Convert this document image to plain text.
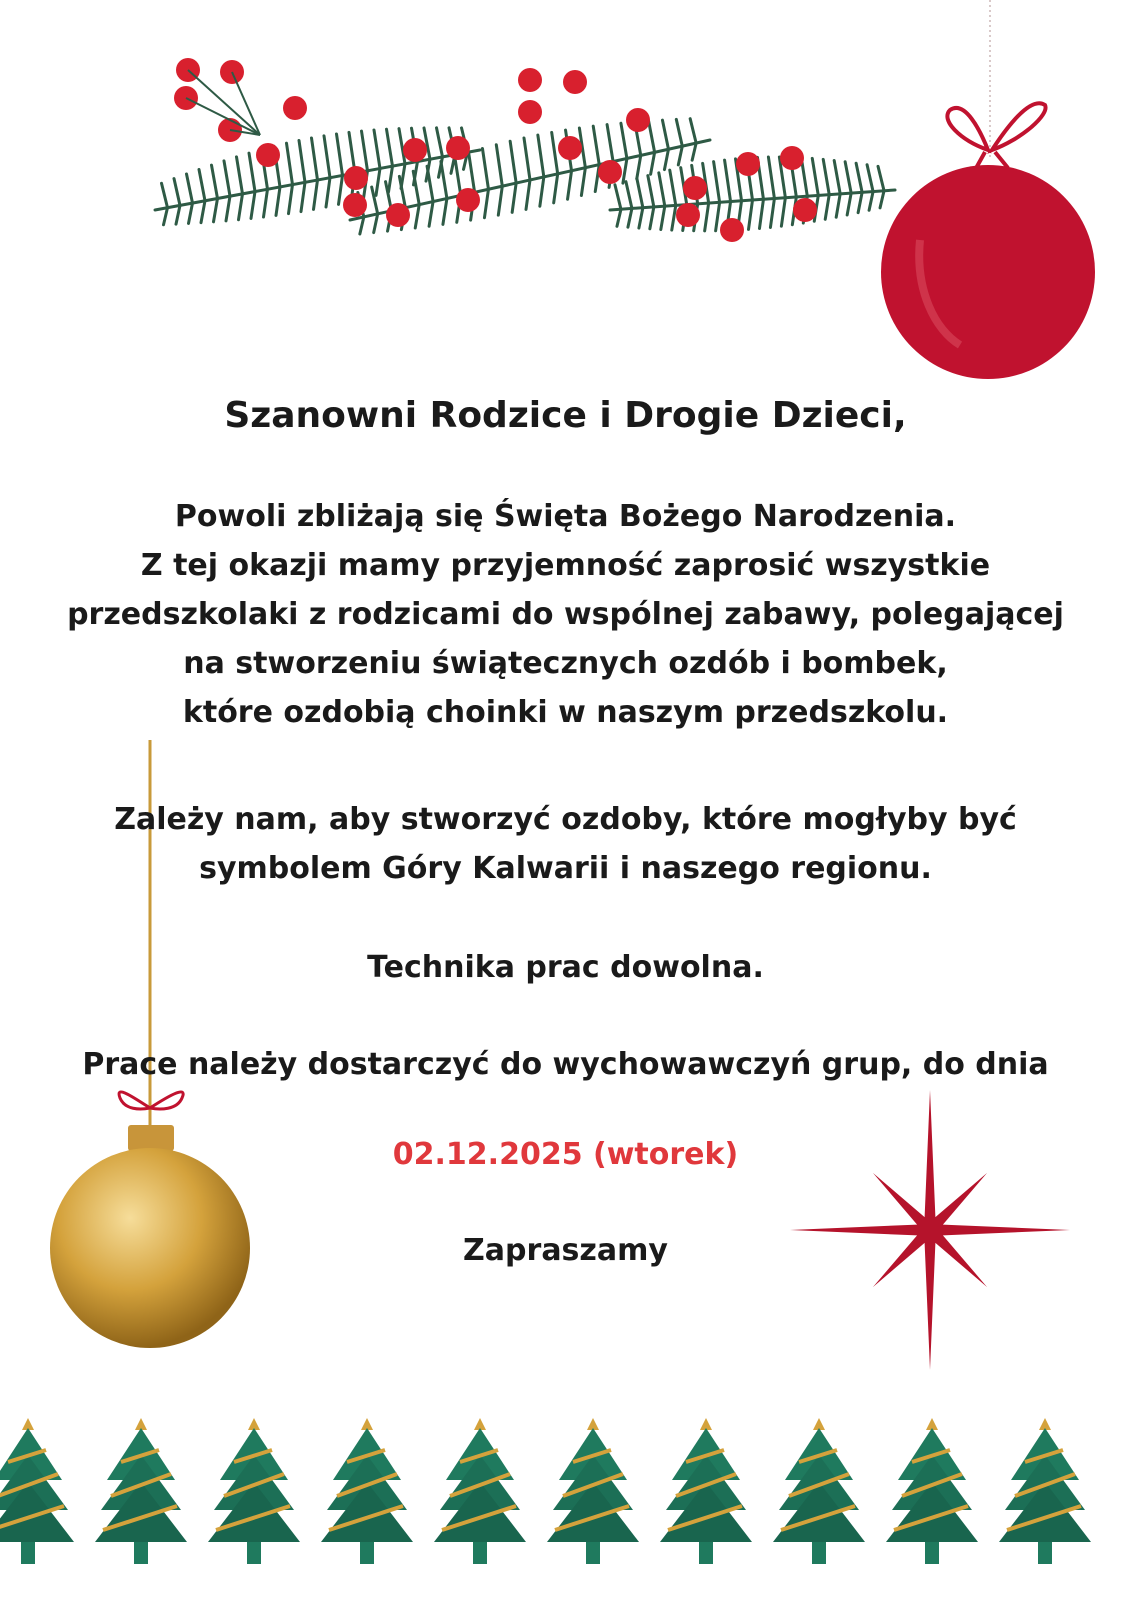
Szanowni Rodzice i Drogie Dzieci,
Powoli zbliżają się Święta Bożego Narodzenia.
Z tej okazji mamy przyjemność zaprosić wszystkie
przedszkolaki z rodzicami do wspólnej zabawy, polegającej
na stworzeniu świątecznych ozdób i bombek,
które ozdobią choinki w naszym przedszkolu.
Zależy nam, aby stworzyć ozdoby, które mogłyby być
symbolem Góry Kalwarii i naszego regionu.
Technika prac dowolna.
Prace należy dostarczyć do wychowawczyń grup, do dnia
02.12.2025 (wtorek)
Zapraszamy
